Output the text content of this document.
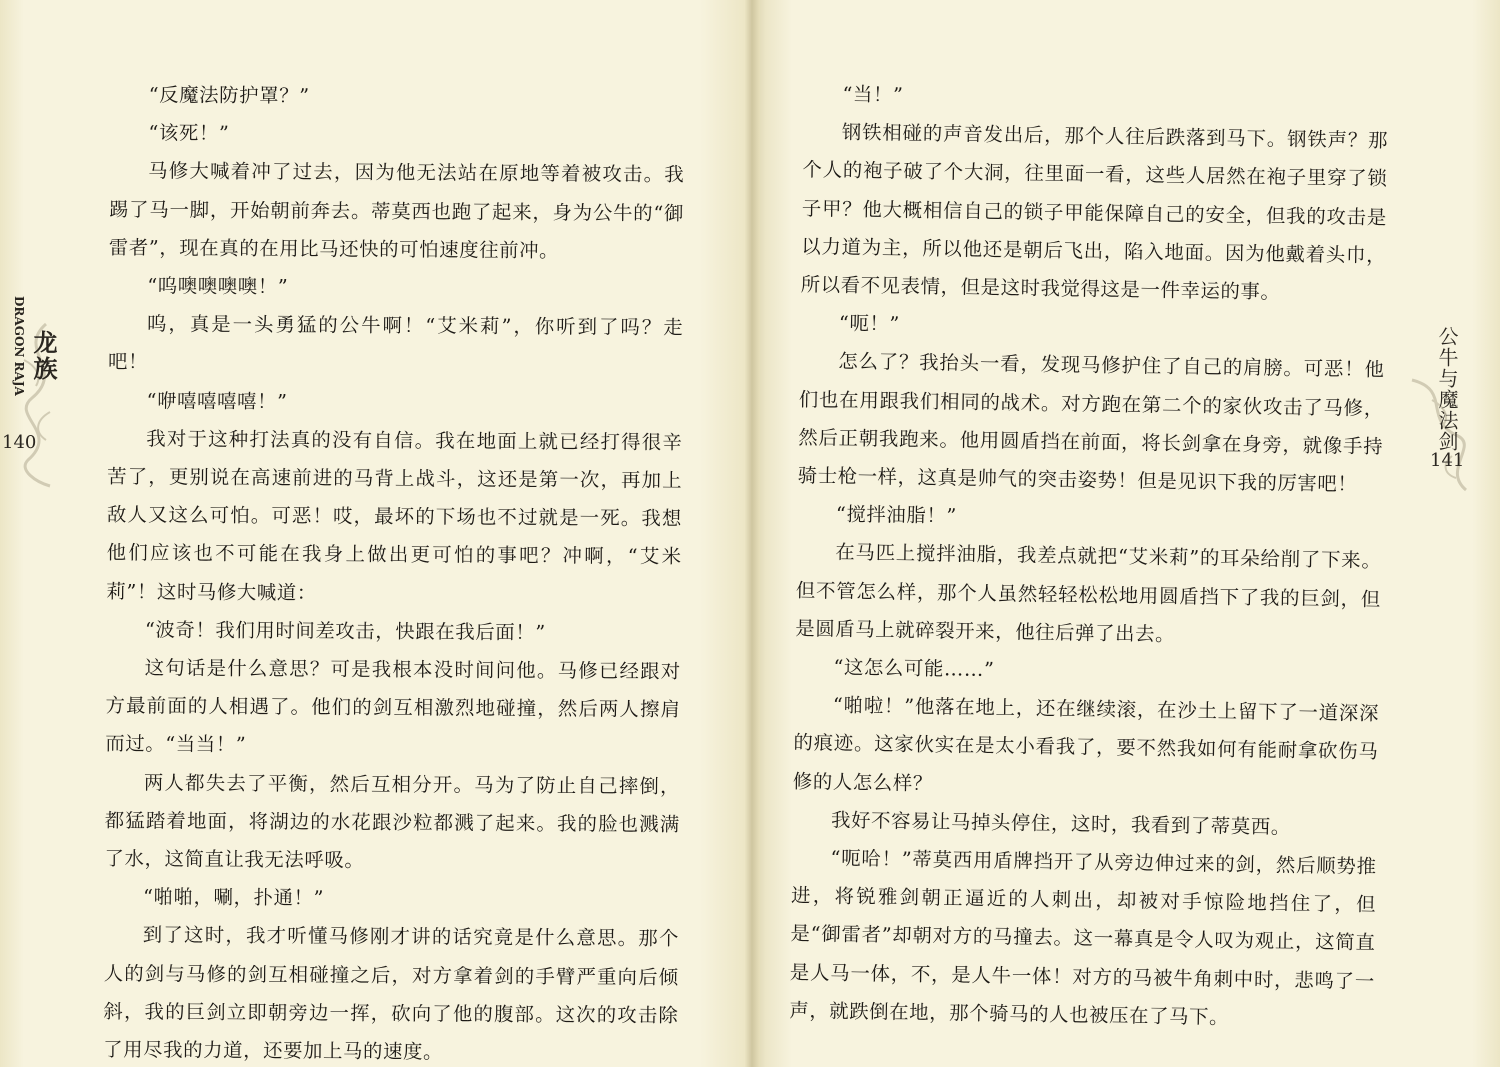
DRAGON RAJA 龙族
140	公牛与魔法剑
141

“反魔法防护罩？”

“该死！”

马修大喊着冲了过去，因为他无法站在原地等着被攻击。我踢了马一脚，开始朝前奔去。蒂莫西也跑了起来，身为公牛的“御雷者”，现在真的在用比马还快的可怕速度往前冲。

“呜噢噢噢噢！”

呜，真是一头勇猛的公牛啊！“艾米莉”，你听到了吗？走吧！

“咿嘻嘻嘻嘻！”

我对于这种打法真的没有自信。我在地面上就已经打得很辛苦了，更别说在高速前进的马背上战斗，这还是第一次，再加上敌人又这么可怕。可恶！哎，最坏的下场也不过就是一死。我想他们应该也不可能在我身上做出更可怕的事吧？冲啊，“艾米莉”！这时马修大喊道：

“波奇！我们用时间差攻击，快跟在我后面！”

这句话是什么意思？可是我根本没时间问他。马修已经跟对方最前面的人相遇了。他们的剑互相激烈地碰撞，然后两人擦肩而过。“当当！”

两人都失去了平衡，然后互相分开。马为了防止自己摔倒，都猛踏着地面，将湖边的水花跟沙粒都溅了起来。我的脸也溅满了水，这简直让我无法呼吸。

“啪啪，唰，扑通！”

到了这时，我才听懂马修刚才讲的话究竟是什么意思。那个人的剑与马修的剑互相碰撞之后，对方拿着剑的手臂严重向后倾斜，我的巨剑立即朝旁边一挥，砍向了他的腹部。这次的攻击除了用尽我的力道，还要加上马的速度。

“当！”

钢铁相碰的声音发出后，那个人往后跌落到马下。钢铁声？那个人的袍子破了个大洞，往里面一看，这些人居然在袍子里穿了锁子甲？他大概相信自己的锁子甲能保障自己的安全，但我的攻击是以力道为主，所以他还是朝后飞出，陷入地面。因为他戴着头巾，所以看不见表情，但是这时我觉得这是一件幸运的事。

“呃！”

怎么了？我抬头一看，发现马修护住了自己的肩膀。可恶！他们也在用跟我们相同的战术。对方跑在第二个的家伙攻击了马修，然后正朝我跑来。他用圆盾挡在前面，将长剑拿在身旁，就像手持骑士枪一样，这真是帅气的突击姿势！但是见识下我的厉害吧！

“搅拌油脂！”

在马匹上搅拌油脂，我差点就把“艾米莉”的耳朵给削了下来。但不管怎么样，那个人虽然轻轻松松地用圆盾挡下了我的巨剑，但是圆盾马上就碎裂开来，他往后弹了出去。

“这怎么可能……”

“啪啦！”他落在地上，还在继续滚，在沙土上留下了一道深深的痕迹。这家伙实在是太小看我了，要不然我如何有能耐拿砍伤马修的人怎么样？

我好不容易让马掉头停住，这时，我看到了蒂莫西。

“呃哈！”蒂莫西用盾牌挡开了从旁边伸过来的剑，然后顺势推进，将锐雅剑朝正逼近的人刺出，却被对手惊险地挡住了，但是“御雷者”却朝对方的马撞去。这一幕真是令人叹为观止，这简直是人马一体，不，是人牛一体！对方的马被牛角刺中时，悲鸣了一声，就跌倒在地，那个骑马的人也被压在了马下。
